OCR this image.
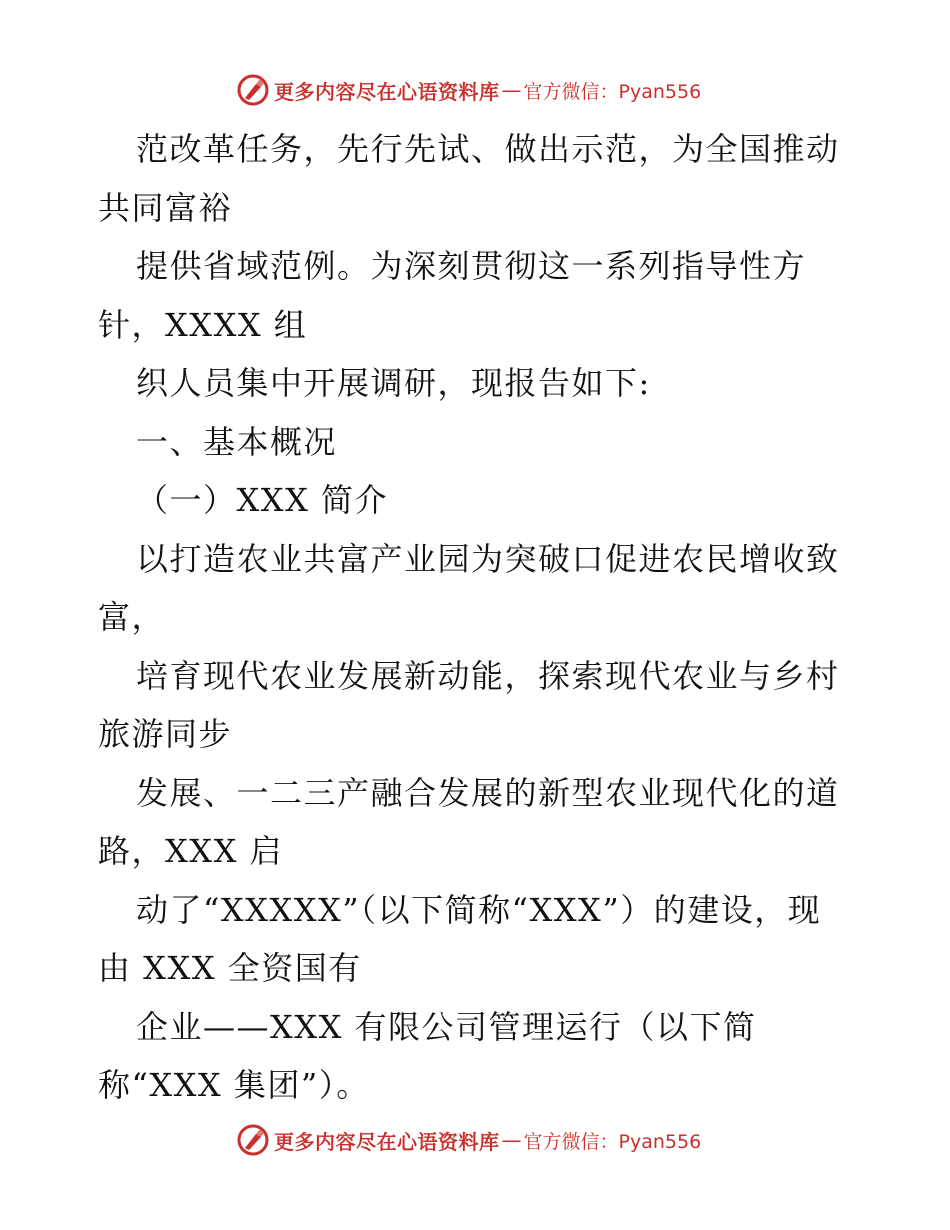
更多内容尽在心语资料库 — 官方微信：Pyan556
范改革任务，先行先试、做出示范，为全国推动
共同富裕
提供省域范例。为深刻贯彻这一系列指导性方
针，XXXX 组
织人员集中开展调研，现报告如下:
一、基本概况
（一）XXX 简介
以打造农业共富产业园为突破口促进农民增收致
富，
培育现代农业发展新动能，探索现代农业与乡村
旅游同步
发展、一二三产融合发展的新型农业现代化的道
路，XXX 启
动了“XXXXX”（以下简称“XXX”）的建设，现
由 XXX 全资国有
企业——XXX 有限公司管理运行（以下简
称“XXX 集团”）。
更多内容尽在心语资料库 — 官方微信：Pyan556
